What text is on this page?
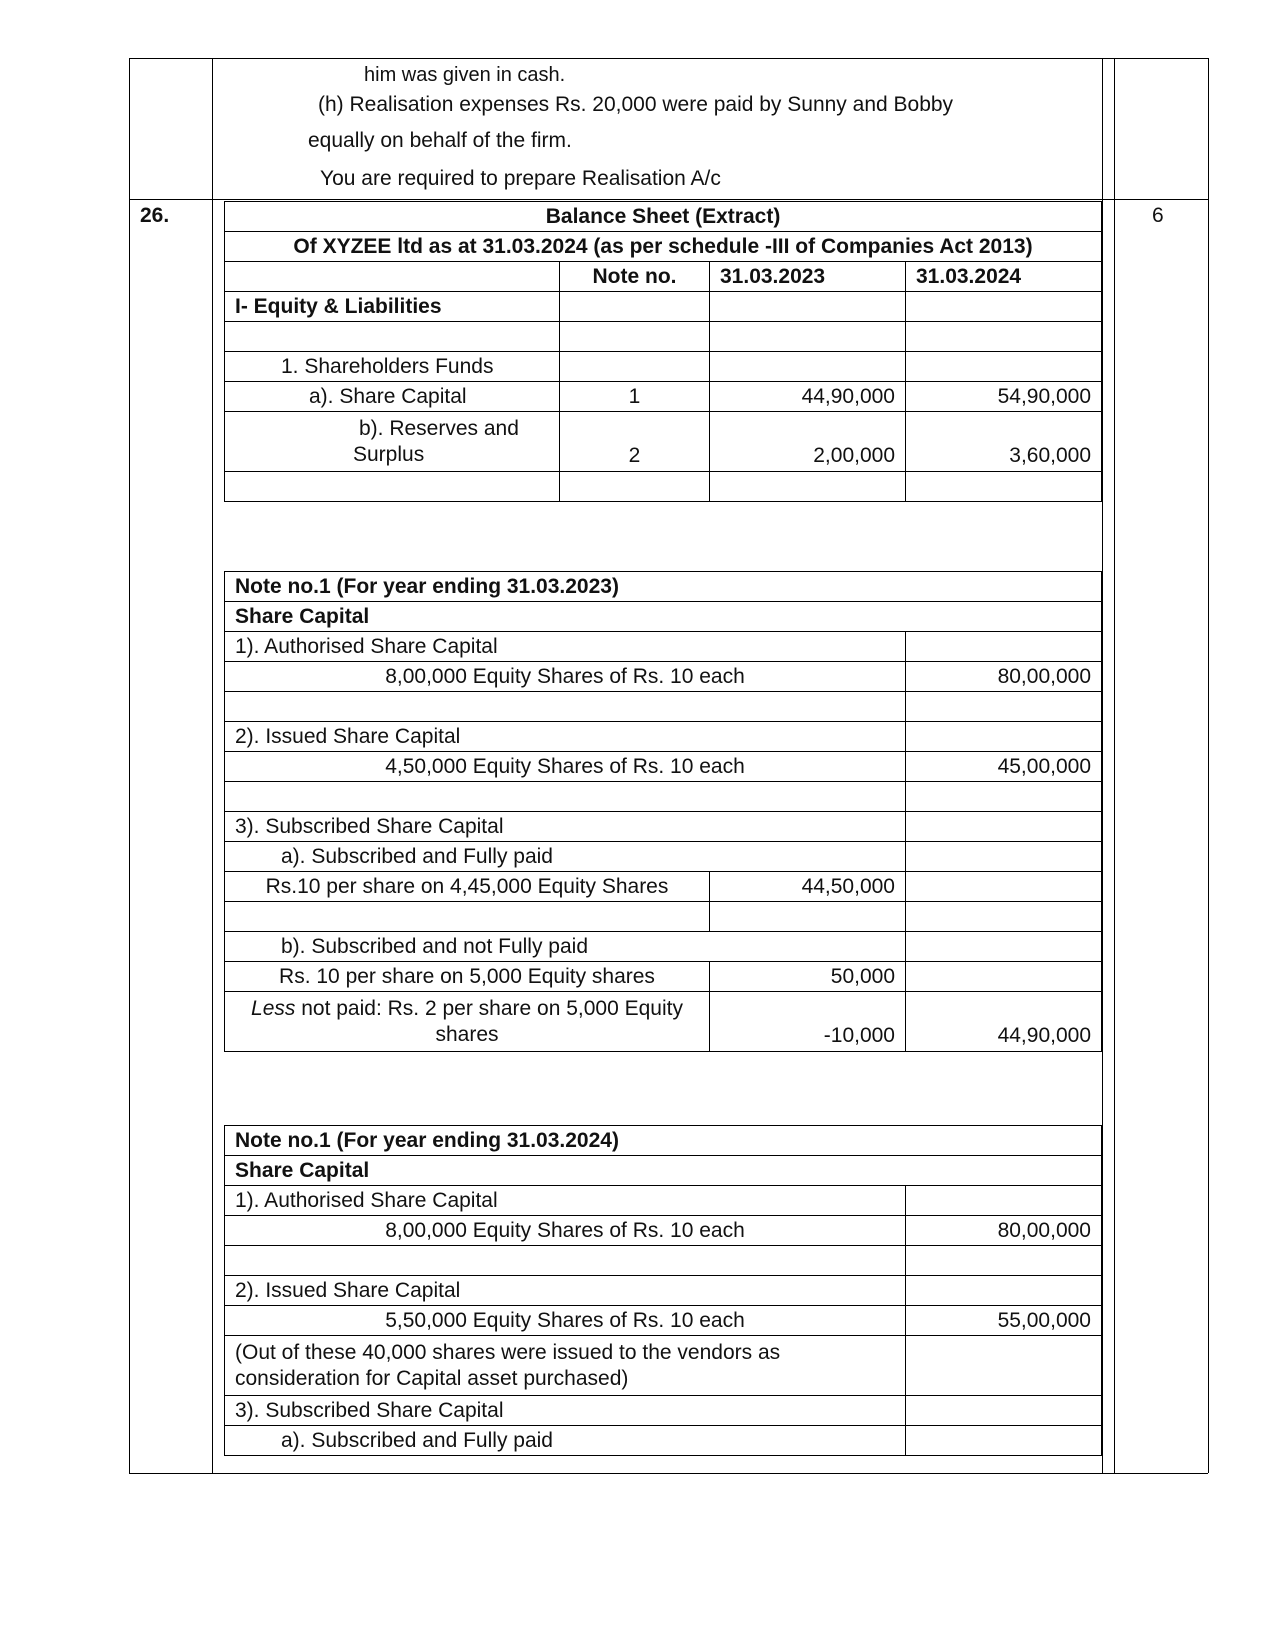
him was given in cash.
(h) Realisation expenses Rs. 20,000 were paid by Sunny and Bobby
equally on behalf of the firm.
You are required to prepare Realisation A/c
26.	6
Balance Sheet (Extract)			
Of XYZEE ltd as at 31.03.2024 (as per schedule -III of Companies Act 2013)			
	Note no.	31.03.2023	31.03.2024
I- Equity & Liabilities			

1. Shareholders Funds			
a). Share Capital	1	44,90,000	54,90,000

b). Reserves and
Surplus	2	2,00,000	3,60,000

Note no.1 (For year ending 31.03.2023)		
Share Capital		
1). Authorised Share Capital		
8,00,000 Equity Shares of Rs. 10 each		80,00,000

2). Issued Share Capital		
4,50,000 Equity Shares of Rs. 10 each		45,00,000

3). Subscribed Share Capital		
a). Subscribed and Fully paid		
Rs.10 per share on 4,45,000 Equity Shares	44,50,000	

b). Subscribed and not Fully paid		
Rs. 10 per share on 5,000 Equity shares	50,000	

Less not paid: Rs. 2 per share on 5,000 Equity
shares	-10,000	44,90,000
Note no.1 (For year ending 31.03.2024)	
Share Capital	
1). Authorised Share Capital	
8,00,000 Equity Shares of Rs. 10 each	80,00,000

2). Issued Share Capital	
5,50,000 Equity Shares of Rs. 10 each	55,00,000

(Out of these 40,000 shares were issued to the vendors as
consideration for Capital asset purchased)	

3). Subscribed Share Capital	
a). Subscribed and Fully paid	
